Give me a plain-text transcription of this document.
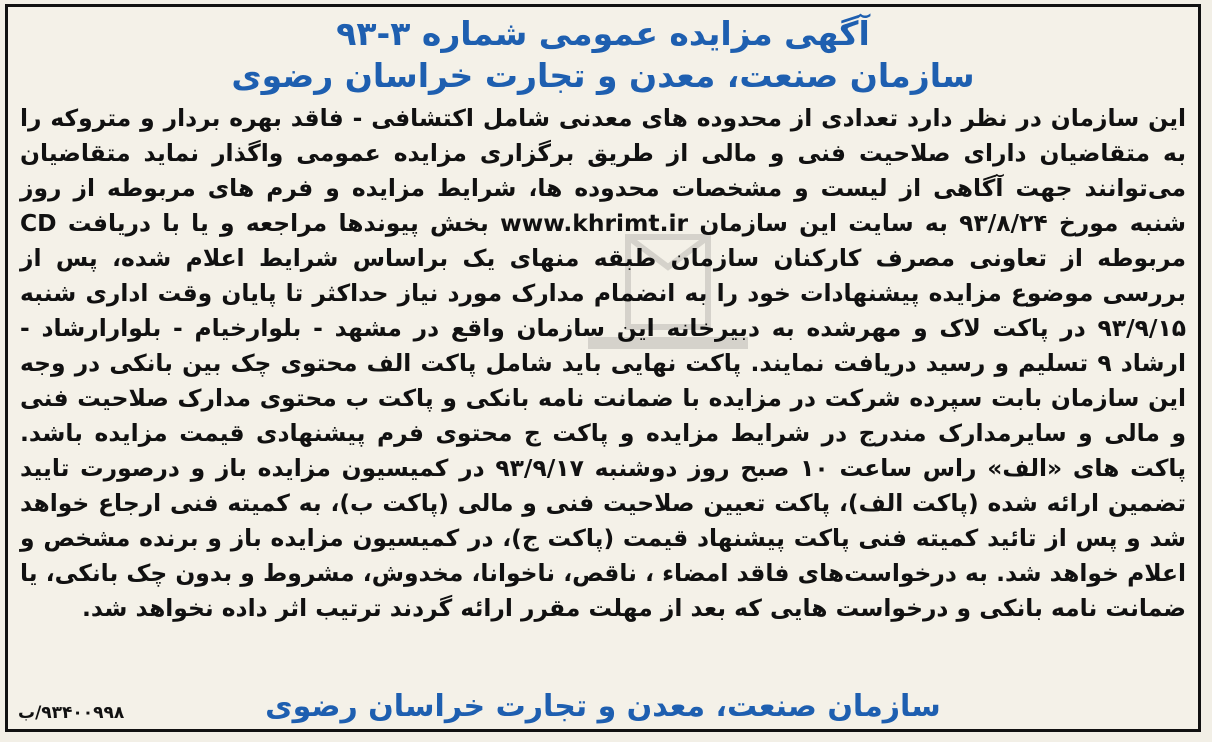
آگهی مزایده عمومی شماره ۳-۹۳
سازمان صنعت، معدن و تجارت خراسان رضوی

این سازمان در نظر دارد تعدادی از محدوده های معدنی شامل اکتشافی - فاقد بهره بردار و متروکه را به متقاضیان دارای صلاحیت فنی و مالی از طریق برگزاری مزایده عمومی واگذار نماید متقاضیان می‌توانند جهت آگاهی از لیست و مشخصات محدوده ها، شرایط مزایده و فرم های مربوطه از روز شنبه مورخ ۹۳/۸/۲۴ به سایت این سازمان www.khrimt.ir بخش پیوندها مراجعه و یا با دریافت CD مربوطه از تعاونی مصرف کارکنان سازمان طبقه منهای یک براساس شرایط اعلام شده، پس از بررسی موضوع مزایده پیشنهادات خود را به انضمام مدارک مورد نیاز حداکثر تا پایان وقت اداری شنبه ۹۳/۹/۱۵ در پاکت لاک و مهرشده به دبیرخانه این سازمان واقع در مشهد - بلوارخیام - بلوارارشاد - ارشاد ۹ تسلیم و رسید دریافت نمایند. پاکت نهایی باید شامل پاکت الف محتوی چک بین بانکی در وجه این سازمان بابت سپرده شرکت در مزایده با ضمانت نامه بانکی و پاکت ب محتوی مدارک صلاحیت فنی و مالی و سایرمدارک مندرج در شرایط مزایده و پاکت ج محتوی فرم پیشنهادی قیمت مزایده باشد. پاکت های «الف» راس ساعت ۱۰ صبح روز دوشنبه ۹۳/۹/۱۷ در کمیسیون مزایده باز و درصورت تایید تضمین ارائه شده (پاکت الف)، پاکت تعیین صلاحیت فنی و مالی (پاکت ب)، به کمیته فنی ارجاع خواهد شد و پس از تائید کمیته فنی پاکت پیشنهاد قیمت (پاکت ج)، در کمیسیون مزایده باز و برنده مشخص و اعلام خواهد شد. به درخواست‌های فاقد امضاء ، ناقص، ناخوانا، مخدوش، مشروط و بدون چک بانکی، یا ضمانت نامه بانکی و درخواست هایی که بعد از مهلت مقرر ارائه گردند ترتیب اثر داده نخواهد شد.

سازمان صنعت، معدن و تجارت خراسان رضوی
۹۳۴۰۰۹۹۸/ب
